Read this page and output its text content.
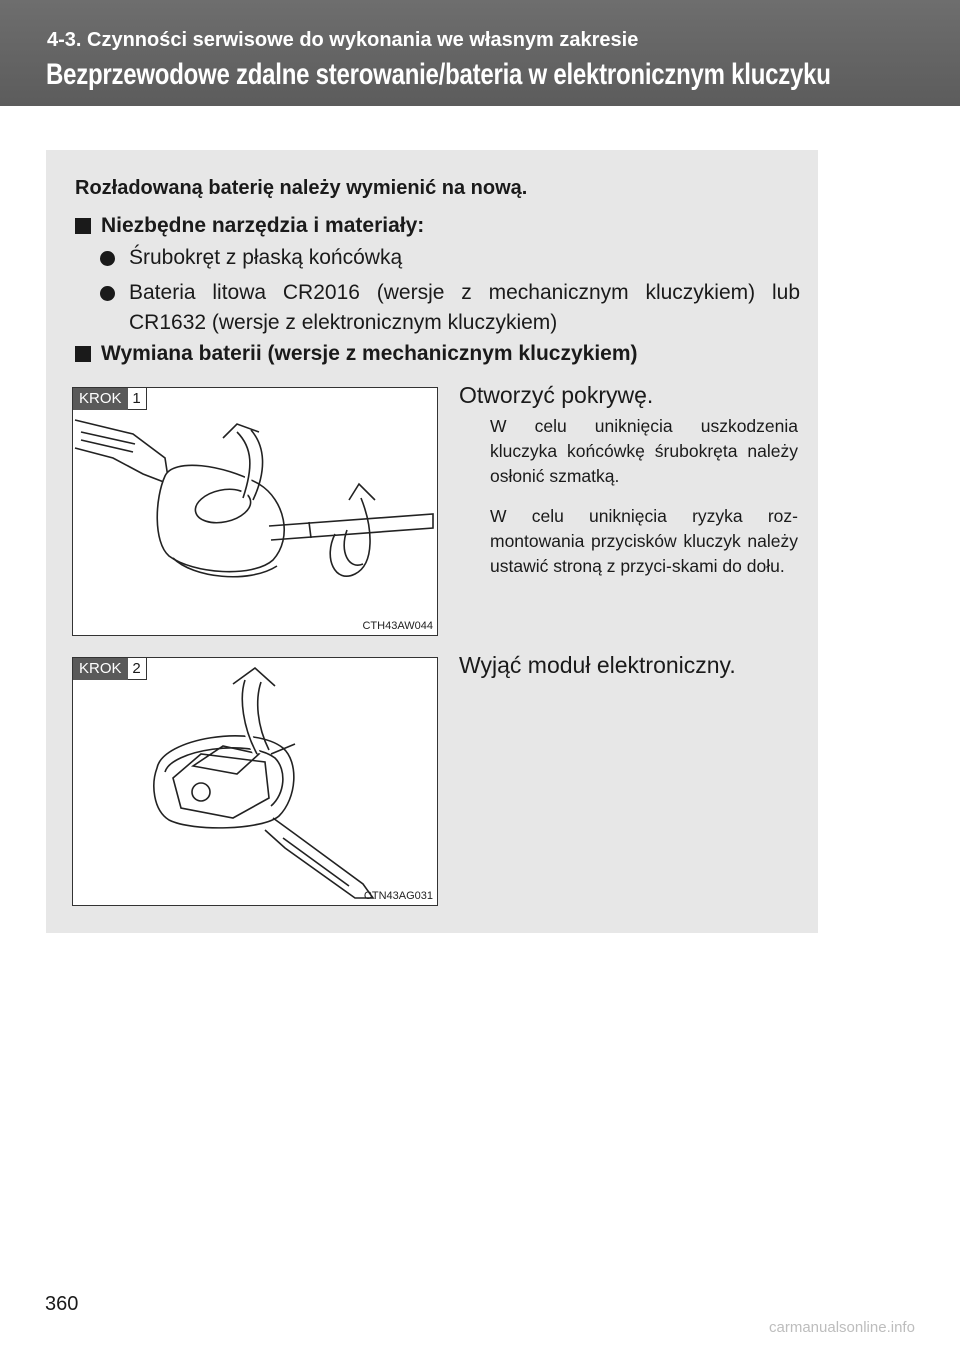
4-3. Czynności serwisowe do wykonania we własnym zakresie
Bezprzewodowe zdalne sterowanie/bateria w elektronicznym kluczyku
Rozładowaną baterię należy wymienić na nową.
Niezbędne narzędzia i materiały:
Śrubokręt z płaską końcówką
Bateria litowa CR2016 (wersje z mechanicznym kluczykiem) lub CR1632 (wersje z elektronicznym kluczykiem)
Wymiana baterii (wersje z mechanicznym kluczykiem)
KROK 1
CTH43AW044
Otworzyć pokrywę.
W celu uniknięcia uszkodzenia kluczyka końcówkę śrubokręta należy osłonić szmatką.
W celu uniknięcia ryzyka roz-montowania przycisków kluczyk należy ustawić stroną z przyci-skami do dołu.
KROK 2
CTN43AG031
Wyjąć moduł elektroniczny.
360
carmanualsonline.info
